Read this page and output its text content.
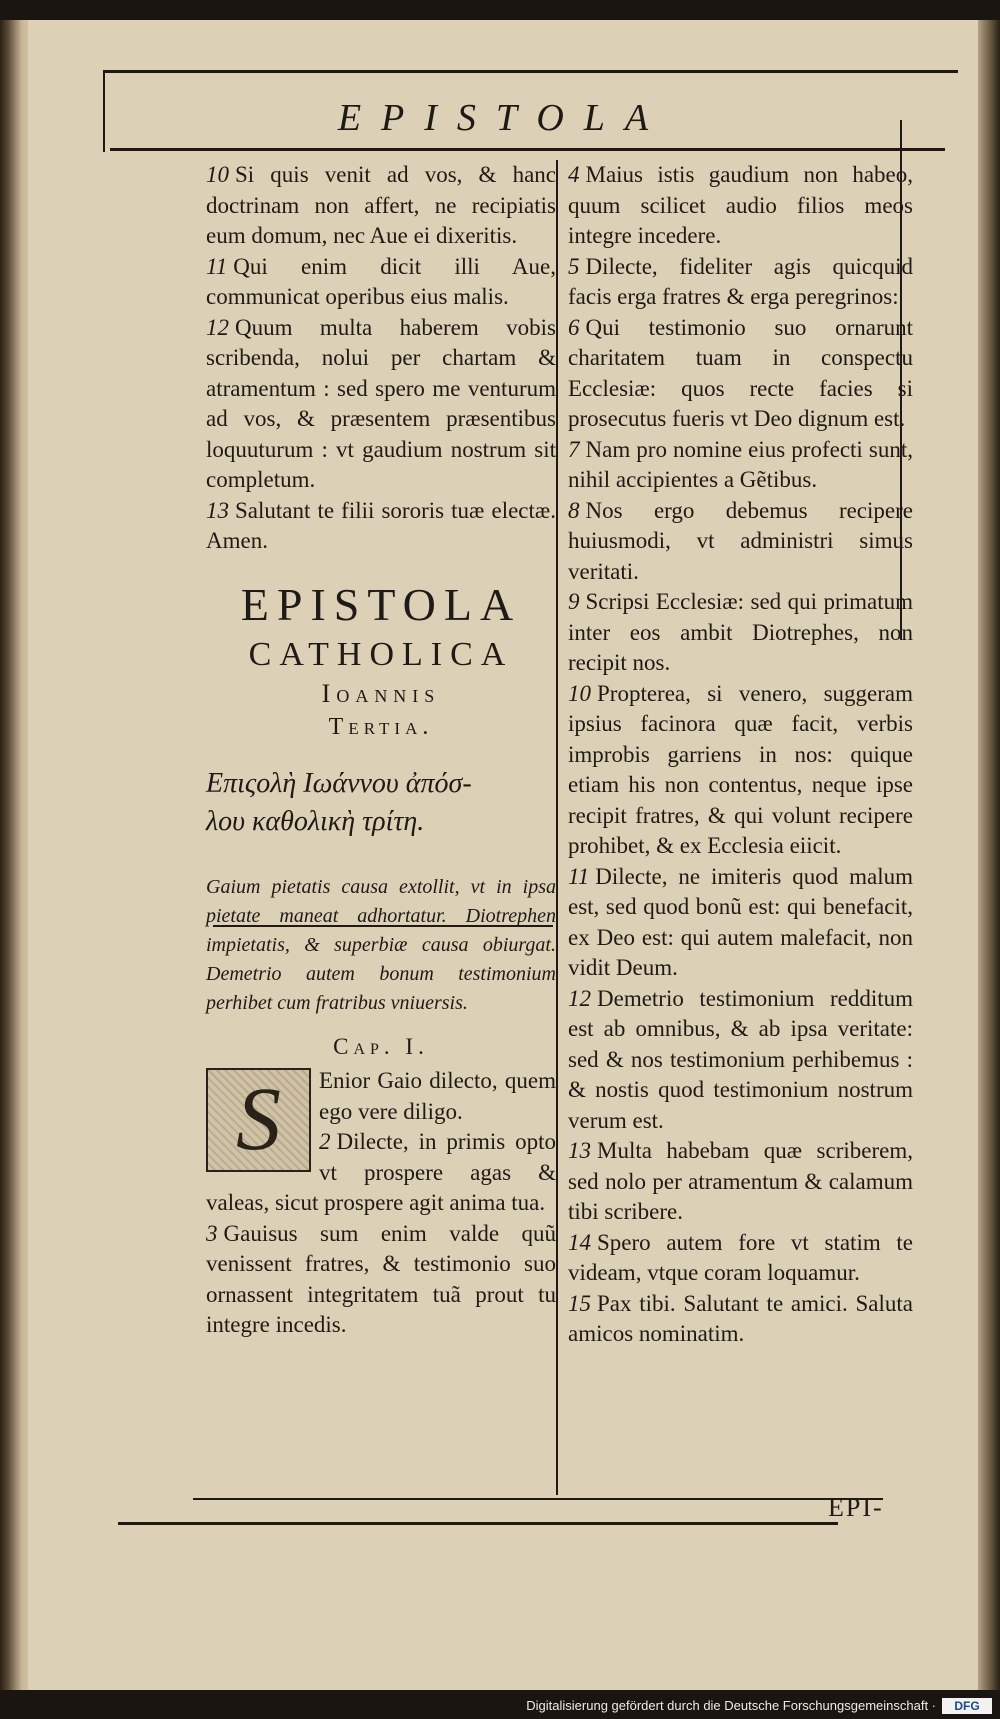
EPISTOLA

10 Si quis venit ad vos, & hanc doctrinam non affert, ne recipiatis eum domum, nec Aue ei dixeritis.

11 Qui enim dicit illi Aue, communicat operibus eius malis.

12 Quum multa haberem vobis scribenda, nolui per chartam & atramentum : sed spero me venturum ad vos, & præsentem præsentibus loquuturum : vt gaudium nostrum sit completum.

13 Salutant te filii sororis tuæ electæ. Amen.

EPISTOLA

CATHOLICA

Ioannis

Tertia.

Επιςολὴ Ιωάννου ἀπόσ-

λου καθολικὴ τρίτη.

Gaium pietatis causa extollit, vt in ipsa pietate maneat adhortatur. Diotrephen impietatis, & superbiæ causa obiurgat. Demetrio autem bonum testimonium perhibet cum fratribus vniuersis.

Cap. I.

S	Enior Gaio dilecto, quem ego vere diligo.

2 Dilecte, in primis opto vt prospere agas & valeas, sicut prospere agit anima tua.

3 Gauisus sum enim valde quũ venissent fratres, & testimonio suo ornassent integritatem tuã prout tu integre incedis.

4 Maius istis gaudium non habeo, quum scilicet audio filios meos integre incedere.

5 Dilecte, fideliter agis quicquid facis erga fratres & erga peregrinos:

6 Qui testimonio suo ornarunt charitatem tuam in conspectu Ecclesiæ: quos recte facies si prosecutus fueris vt Deo dignum est.

7 Nam pro nomine eius profecti sunt, nihil accipientes a Gẽtibus.

8 Nos ergo debemus recipere huiusmodi, vt administri simus veritati.

9 Scripsi Ecclesiæ: sed qui primatum inter eos ambit Diotrephes, non recipit nos.

10 Propterea, si venero, suggeram ipsius facinora quæ facit, verbis improbis garriens in nos: quique etiam his non contentus, neque ipse recipit fratres, & qui volunt recipere prohibet, & ex Ecclesia eiicit.

11 Dilecte, ne imiteris quod malum est, sed quod bonũ est: qui benefacit, ex Deo est: qui autem malefacit, non vidit Deum.

12 Demetrio testimonium redditum est ab omnibus, & ab ipsa veritate: sed & nos testimonium perhibemus : & nostis quod testimonium nostrum verum est.

13 Multa habebam quæ scriberem, sed nolo per atramentum & calamum tibi scribere.

14 Spero autem fore vt statim te videam, vtque coram loquamur.

15 Pax tibi. Salutant te amici. Saluta amicos nominatim.

EPI-
Digitalisierung gefördert durch die Deutsche Forschungsgemeinschaft ·	DFG
